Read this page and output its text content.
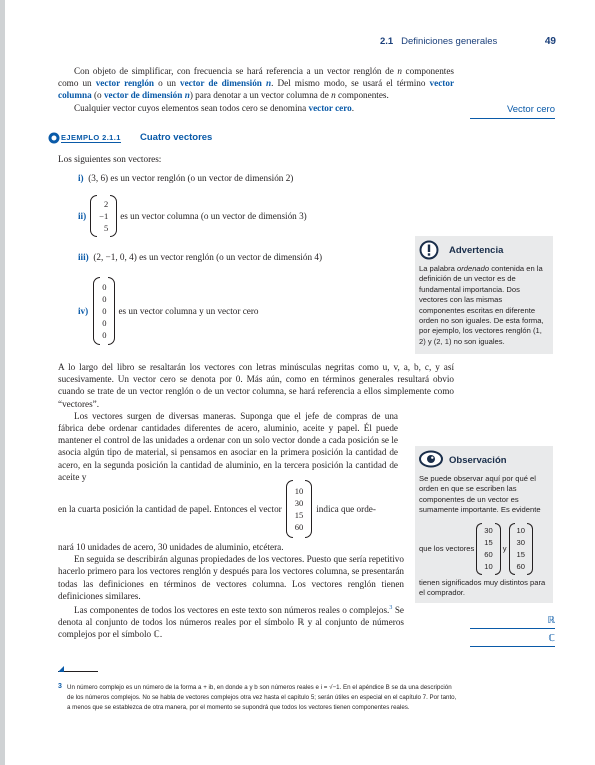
2.1 Definiciones generales	49

Con objeto de simplificar, con frecuencia se hará referencia a un vector renglón de n componentes como un vector renglón o un vector de dimensión n. Del mismo modo, se usará el término vector columna (o vector de dimensión n) para denotar a un vector columna de n componentes.

Cualquier vector cuyos elementos sean todos cero se denomina vector cero.	Vector cero
EJEMPLO 2.1.1 Cuatro vectores
Los siguientes son vectores:
i) (3, 6) es un vector renglón (o un vector de dimensión 2)
ii)
2
−1
5
es un vector columna (o un vector de dimensión 3)
iii) (2, −1, 0, 4) es un vector renglón (o un vector de dimensión 4)
iv)
0
0
0
0
0
es un vector columna y un vector cero
Advertencia
La palabra ordenado contenida en la definición de un vector es de fundamental importancia. Dos vectores con las mismas componentes escritas en diferente orden no son iguales. De esta forma, por ejemplo, los vectores renglón (1, 2) y (2, 1) no son iguales.

A lo largo del libro se resaltarán los vectores con letras minúsculas negritas como u, v, a, b, c, y así sucesivamente. Un vector cero se denota por 0. Más aún, como en términos generales resultará obvio cuando se trate de un vector renglón o de un vector columna, se hará referencia a ellos simplemente como “vectores”.

Los vectores surgen de diversas maneras. Suponga que el jefe de compras de una fábrica debe ordenar cantidades diferentes de acero, aluminio, aceite y papel. Él puede mantener el control de las unidades a ordenar con un solo vector donde a cada posición se le asocia algún tipo de material, si pensamos en asociar en la primera posición la cantidad de acero, en la segunda posición la cantidad de aluminio, en la tercera posición la cantidad de aceite y

en la cuarta posición la cantidad de papel. Entonces el vector
10
30
15
60
indica que orde-

nará 10 unidades de acero, 30 unidades de aluminio, etcétera.

En seguida se describirán algunas propiedades de los vectores. Puesto que sería repetitivo hacerlo primero para los vectores renglón y después para los vectores columna, se presentarán todas las definiciones en términos de vectores columna. Los vectores renglón tienen definiciones similares.

Las componentes de todos los vectores en este texto son números reales o complejos.$^3$ Se denota al conjunto de todos los números reales por el símbolo ℝ y al conjunto de números complejos por el símbolo ℂ.

Observación
Se puede observar aquí por qué el orden en que se escriben las componentes de un vector es sumamente importante. Es evidente
que los vectores
30
15
60
10
y
10
30
15
60
tienen significados muy distintos para el comprador.
ℝ
ℂ
3 Un número complejo es un número de la forma a + ib, en donde a y b son números reales e i = √−1. En el apéndice B se da una descripción de los números complejos. No se habla de vectores complejos otra vez hasta el capítulo 5; serán útiles en especial en el capítulo 7. Por tanto, a menos que se establezca de otra manera, por el momento se supondrá que todos los vectores tienen componentes reales.
